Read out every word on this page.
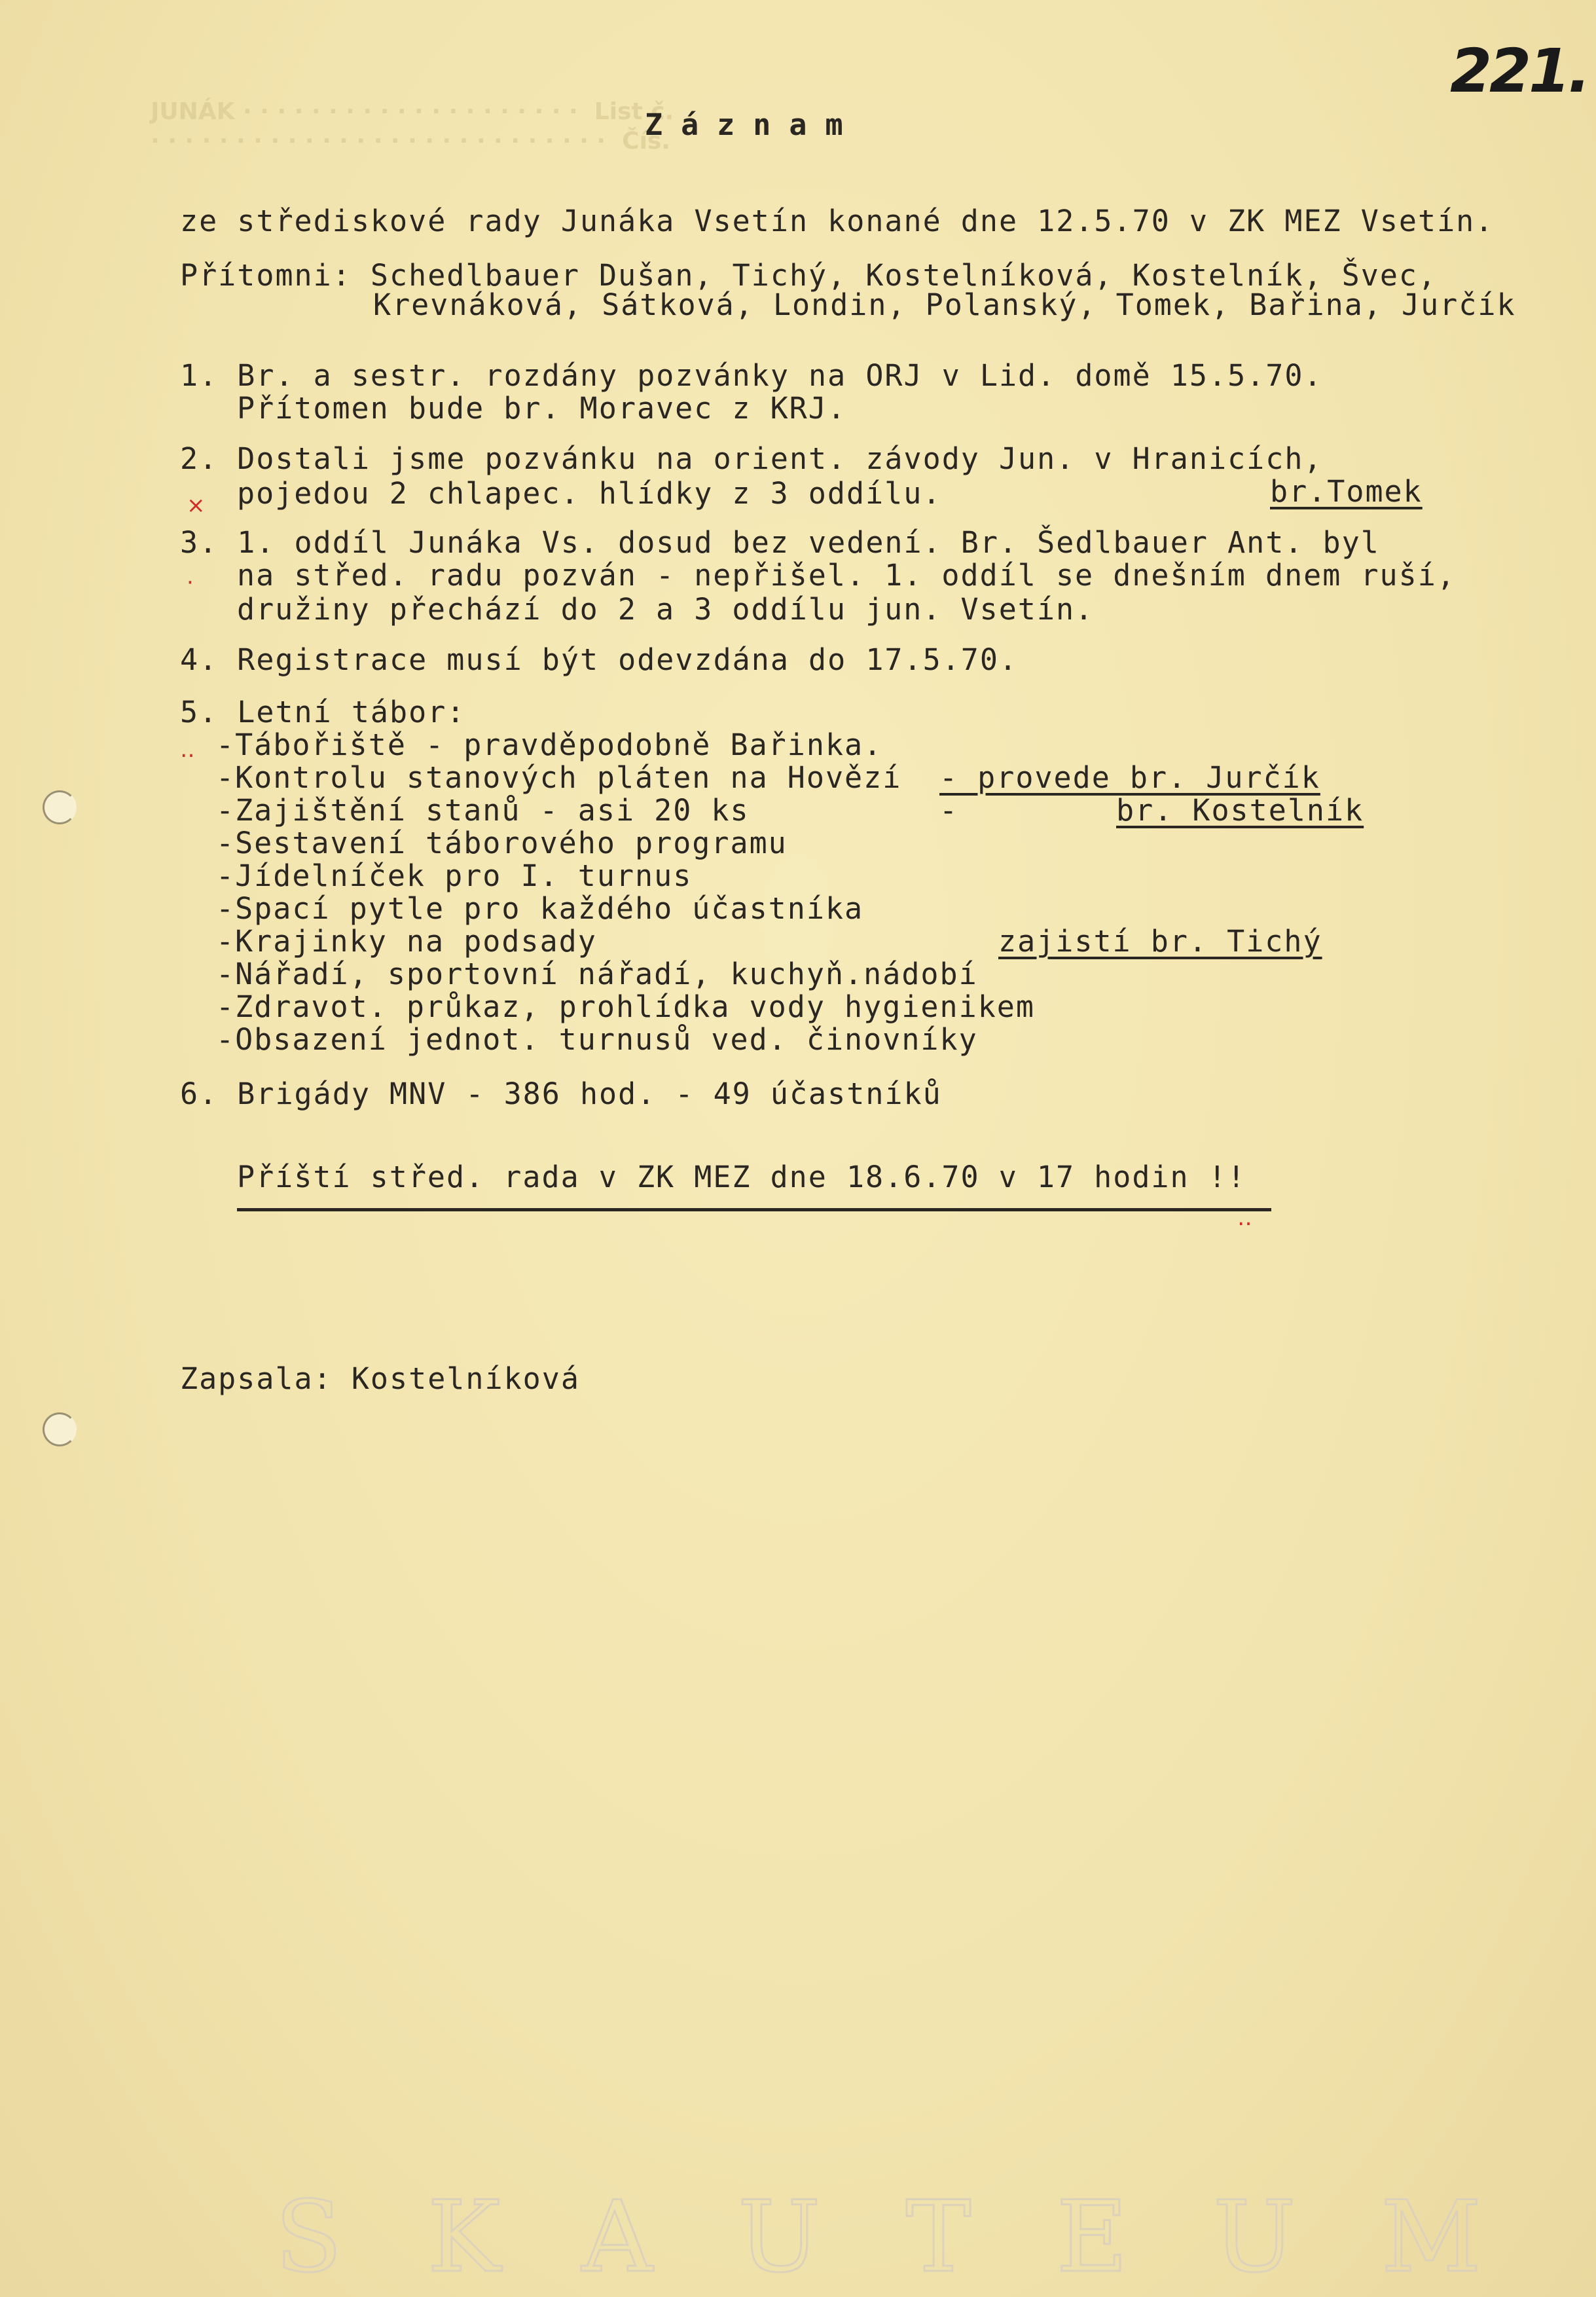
JUNÁK · · · · · · · · · · · · · · · · · · · ·  List č.
· · · · · · · · · · · · · · · · · · · · · · · · · · ·  Čís.
221.
Záznam
ze střediskové rady Junáka Vsetín konané dne 12.5.70 v ZK MEZ Vsetín.
Přítomni: Schedlbauer Dušan, Tichý, Kostelníková, Kostelník, Švec,
Krevnáková, Sátková, Londin, Polanský, Tomek, Bařina, Jurčík
1. Br. a sestr. rozdány pozvánky na ORJ v Lid. domě 15.5.70.
Přítomen bude br. Moravec z KRJ.
2. Dostali jsme pozvánku na orient. závody Jun. v Hranicích,
pojedou 2 chlapec. hlídky z 3 oddílu.	br.Tomek
3. 1. oddíl Junáka Vs. dosud bez vedení. Br. Šedlbauer Ant. byl
na střed. radu pozván - nepřišel. 1. oddíl se dnešním dnem ruší,
družiny přechází do 2 a 3 oddílu jun. Vsetín.
4. Registrace musí být odevzdána do 17.5.70.
5. Letní tábor:
-Tábořiště - pravděpodobně Bařinka.
-Kontrolu stanových pláten na Hovězí - provede br. Jurčík
-Zajištění stanů - asi 20 ks	-	br. Kostelník
-Sestavení táborového programu
-Jídelníček pro I. turnus
-Spací pytle pro každého účastníka
-Krajinky na podsady	zajistí br. Tichý
-Nářadí, sportovní nářadí, kuchyň.nádobí
-Zdravot. průkaz, prohlídka vody hygienikem
-Obsazení jednot. turnusů ved. činovníky
6. Brigády MNV - 386 hod. - 49 účastníků
Příští střed. rada v ZK MEZ dne 18.6.70 v 17 hodin !!
Zapsala: Kostelníková
×
·
‥
‥
SKAUTEUM
